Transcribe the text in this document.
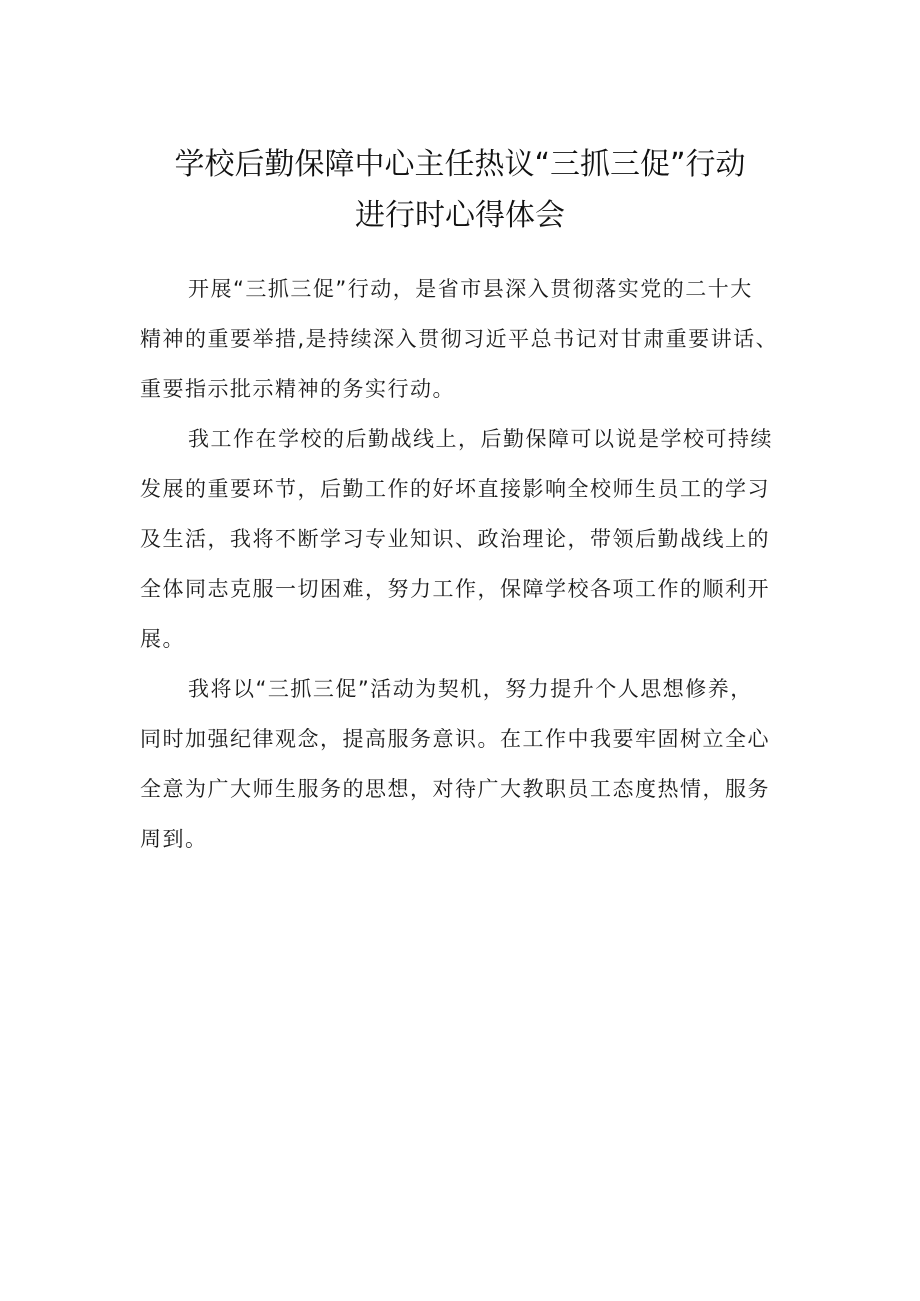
学校后勤保障中心主任热议“三抓三促”行动
进行时心得体会

开展“三抓三促”行动，是省市县深入贯彻落实党的二十大
精神的重要举措,是持续深入贯彻习近平总书记对甘肃重要讲话、
重要指示批示精神的务实行动。

我工作在学校的后勤战线上，后勤保障可以说是学校可持续
发展的重要环节，后勤工作的好坏直接影响全校师生员工的学习
及生活，我将不断学习专业知识、政治理论，带领后勤战线上的
全体同志克服一切困难，努力工作，保障学校各项工作的顺利开
展。

我将以“三抓三促”活动为契机，努力提升个人思想修养，
同时加强纪律观念，提高服务意识。在工作中我要牢固树立全心
全意为广大师生服务的思想，对待广大教职员工态度热情，服务
周到。
